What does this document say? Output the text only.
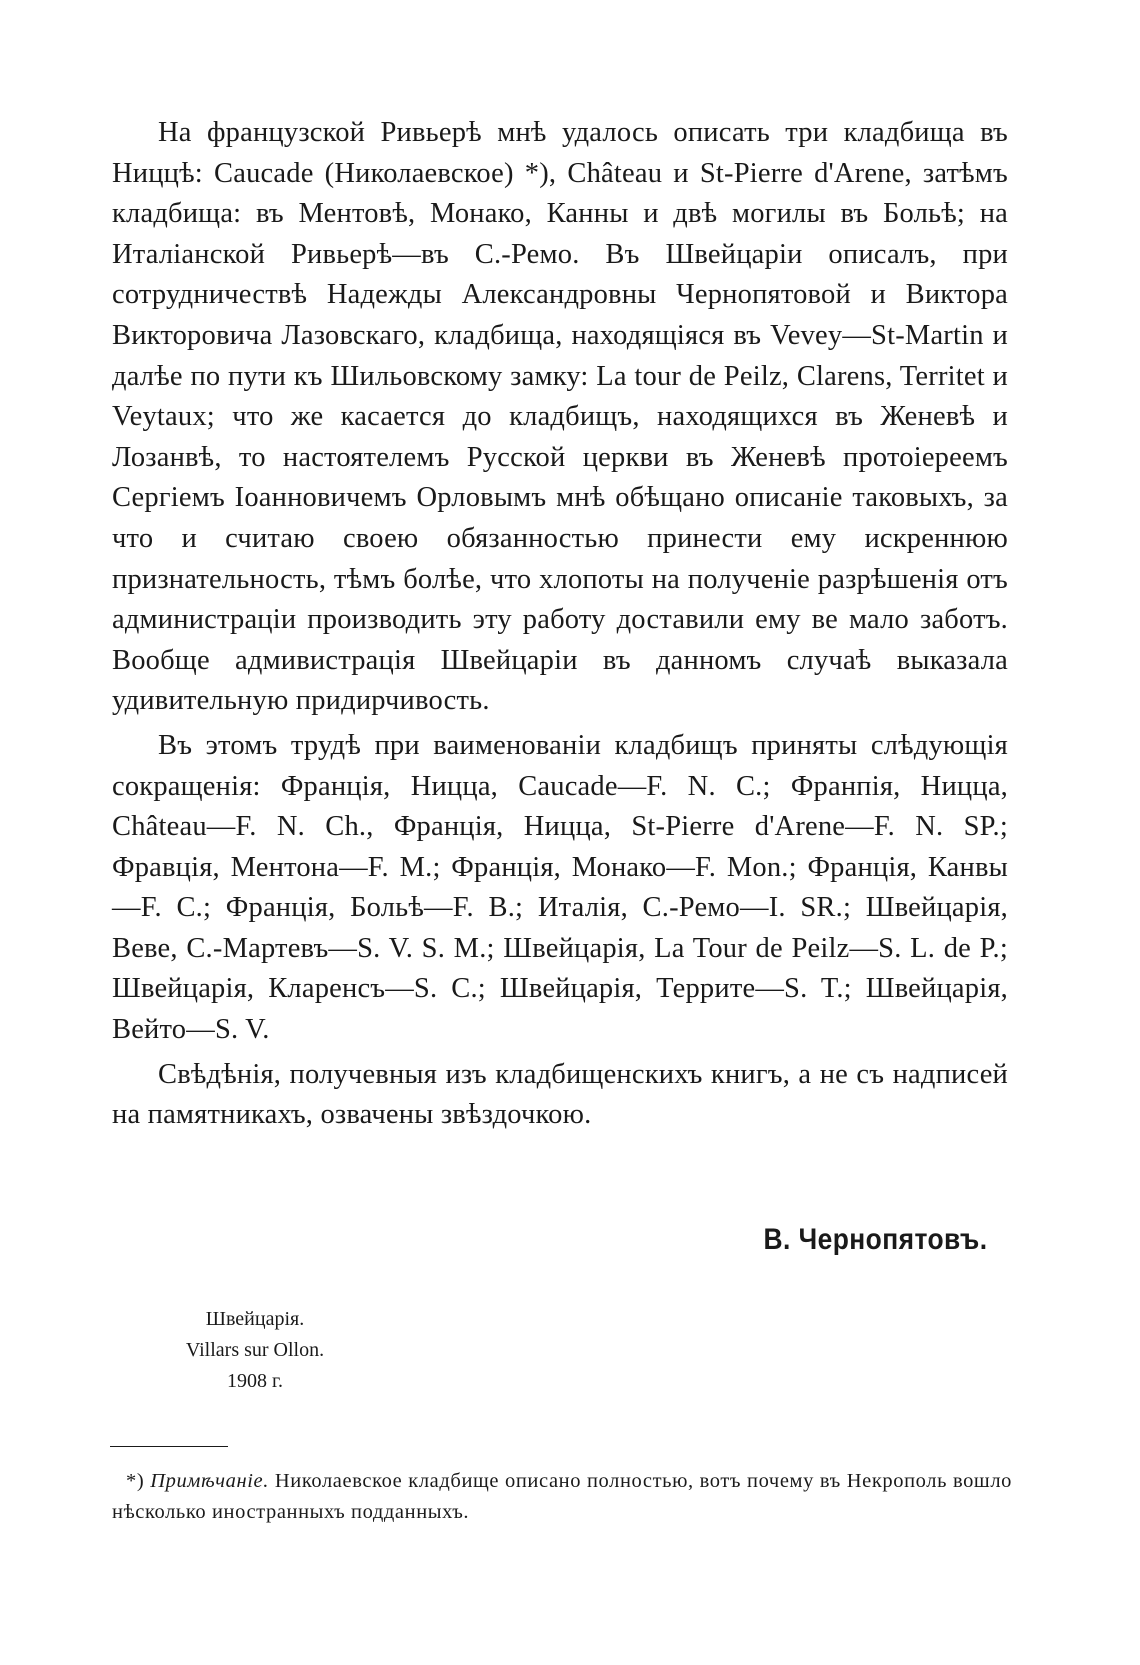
На французской Ривьерѣ мнѣ удалось описать три кладбища въ Ниццѣ: Caucade (Николаевское) *), Château и St-Pierre d'Arene, затѣмъ кладбища: въ Ментовѣ, Монако, Канны и двѣ могилы въ Больѣ; на Италiанской Ривьерѣ—въ С.-Ремо. Въ Швейцарiи описалъ, при сотрудничествѣ Надежды Александровны Чернопятовой и Виктора Викторовича Лазовскаго, кладбища, находящiяся въ Vevey—St-Martin и далѣе по пути къ Шильовскому замку: La tour de Peilz, Clarens, Territet и Veytaux; что же касается до кладбищъ, находящихся въ Женевѣ и Лозанвѣ, то настоятелемъ Русской церкви въ Женевѣ протоiереемъ Сергiемъ Iоанновичемъ Орловымъ мнѣ обѣщано описанiе таковыхъ, за что и считаю своею обязанностью принести ему искреннюю признательность, тѣмъ болѣе, что хлопоты на полученiе разрѣшенiя отъ администрацiи производить эту работу доставили ему ве мало заботъ. Вообще адмивистрацiя Швейцарiи въ данномъ случаѣ выказала удивительную придирчивость.

Въ этомъ трудѣ при ваименованiи кладбищъ приняты слѣдующiя сокращенiя: Францiя, Ницца, Caucade—F. N. C.; Франпiя, Ницца, Château—F. N. Ch., Францiя, Ницца, St-Pierre d'Arene—F. N. SP.; Фравцiя, Ментона—F. M.; Францiя, Монако—F. Mon.; Францiя, Канвы—F. C.; Францiя, Больѣ—F. B.; Италiя, С.-Ремо—I. SR.; Швейцарiя, Веве, С.-Мартевъ—S. V. S. M.; Швейцарiя, La Tour de Peilz—S. L. de P.; Швейцарiя, Кларенсъ—S. C.; Швейцарiя, Террите—S. T.; Швейцарiя, Вейто—S. V.

Свѣдѣнiя, получевныя изъ кладбищенскихъ книгъ, а не съ надписей на памятникахъ, озвачены звѣздочкою.

В. Чернопятовъ.
Швейцарiя.
Villars sur Ollon.
1908 г.

*) Примѣчанiе. Николаевское кладбище описано полностью, вотъ почему въ Некрополь вошло нѣсколько иностранныхъ подданныхъ.
